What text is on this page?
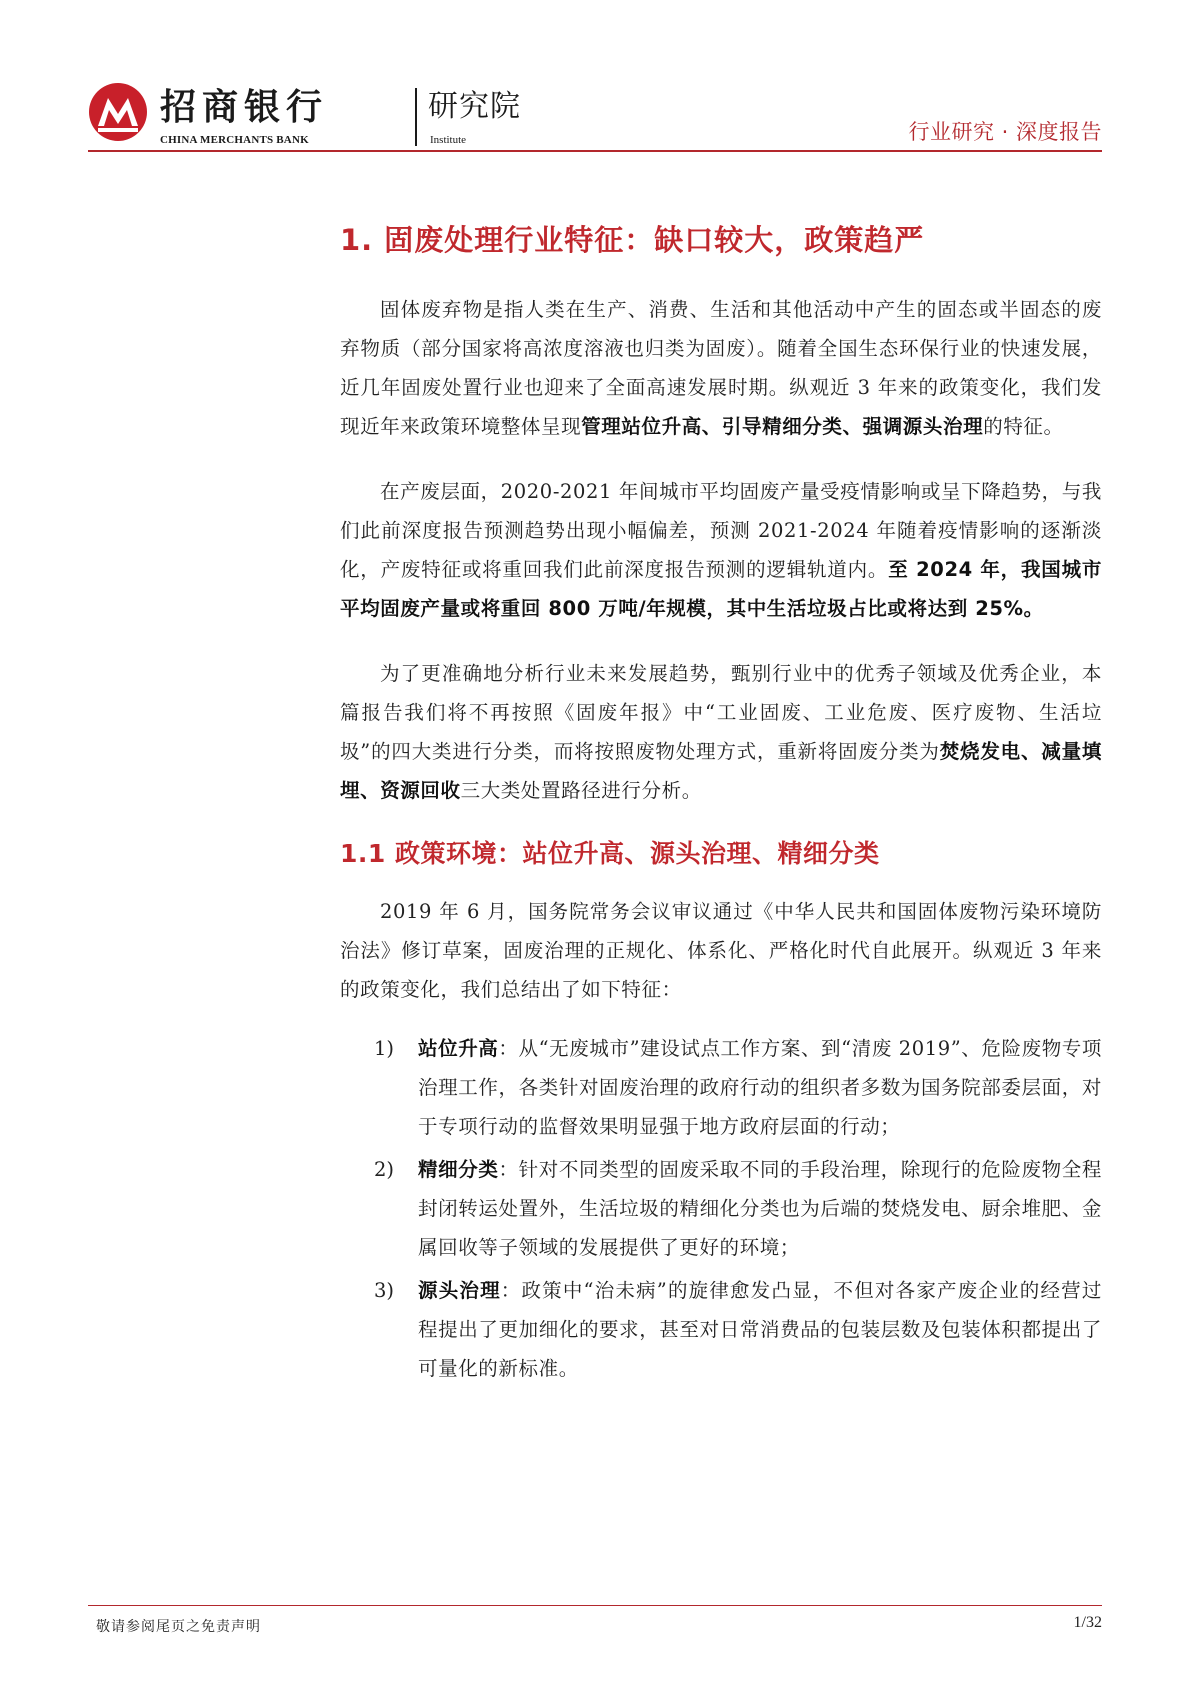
招商银行
CHINA MERCHANTS BANK
研究院
Institute	行业研究 · 深度报告
1. 固废处理行业特征：缺口较大，政策趋严

固体废弃物是指人类在生产、消费、生活和其他活动中产生的固态或半固态的废弃物质（部分国家将高浓度溶液也归类为固废）。随着全国生态环保行业的快速发展，近几年固废处置行业也迎来了全面高速发展时期。纵观近 3 年来的政策变化，我们发现近年来政策环境整体呈现管理站位升高、引导精细分类、强调源头治理的特征。

在产废层面，2020-2021 年间城市平均固废产量受疫情影响或呈下降趋势，与我们此前深度报告预测趋势出现小幅偏差，预测 2021-2024 年随着疫情影响的逐渐淡化，产废特征或将重回我们此前深度报告预测的逻辑轨道内。至 2024 年，我国城市平均固废产量或将重回 800 万吨/年规模，其中生活垃圾占比或将达到 25%。

为了更准确地分析行业未来发展趋势，甄别行业中的优秀子领域及优秀企业，本篇报告我们将不再按照《固废年报》中“工业固废、工业危废、医疗废物、生活垃圾”的四大类进行分类，而将按照废物处理方式，重新将固废分类为焚烧发电、减量填埋、资源回收三大类处置路径进行分析。

1.1 政策环境：站位升高、源头治理、精细分类

2019 年 6 月，国务院常务会议审议通过《中华人民共和国固体废物污染环境防治法》修订草案，固废治理的正规化、体系化、严格化时代自此展开。纵观近 3 年来的政策变化，我们总结出了如下特征：

1) 站位升高：从“无废城市”建设试点工作方案、到“清废 2019”、危险废物专项治理工作，各类针对固废治理的政府行动的组织者多数为国务院部委层面，对于专项行动的监督效果明显强于地方政府层面的行动；
2) 精细分类：针对不同类型的固废采取不同的手段治理，除现行的危险废物全程封闭转运处置外，生活垃圾的精细化分类也为后端的焚烧发电、厨余堆肥、金属回收等子领域的发展提供了更好的环境；
3) 源头治理：政策中“治未病”的旋律愈发凸显，不但对各家产废企业的经营过程提出了更加细化的要求，甚至对日常消费品的包装层数及包装体积都提出了可量化的新标准。
敬请参阅尾页之免责声明	1/32
